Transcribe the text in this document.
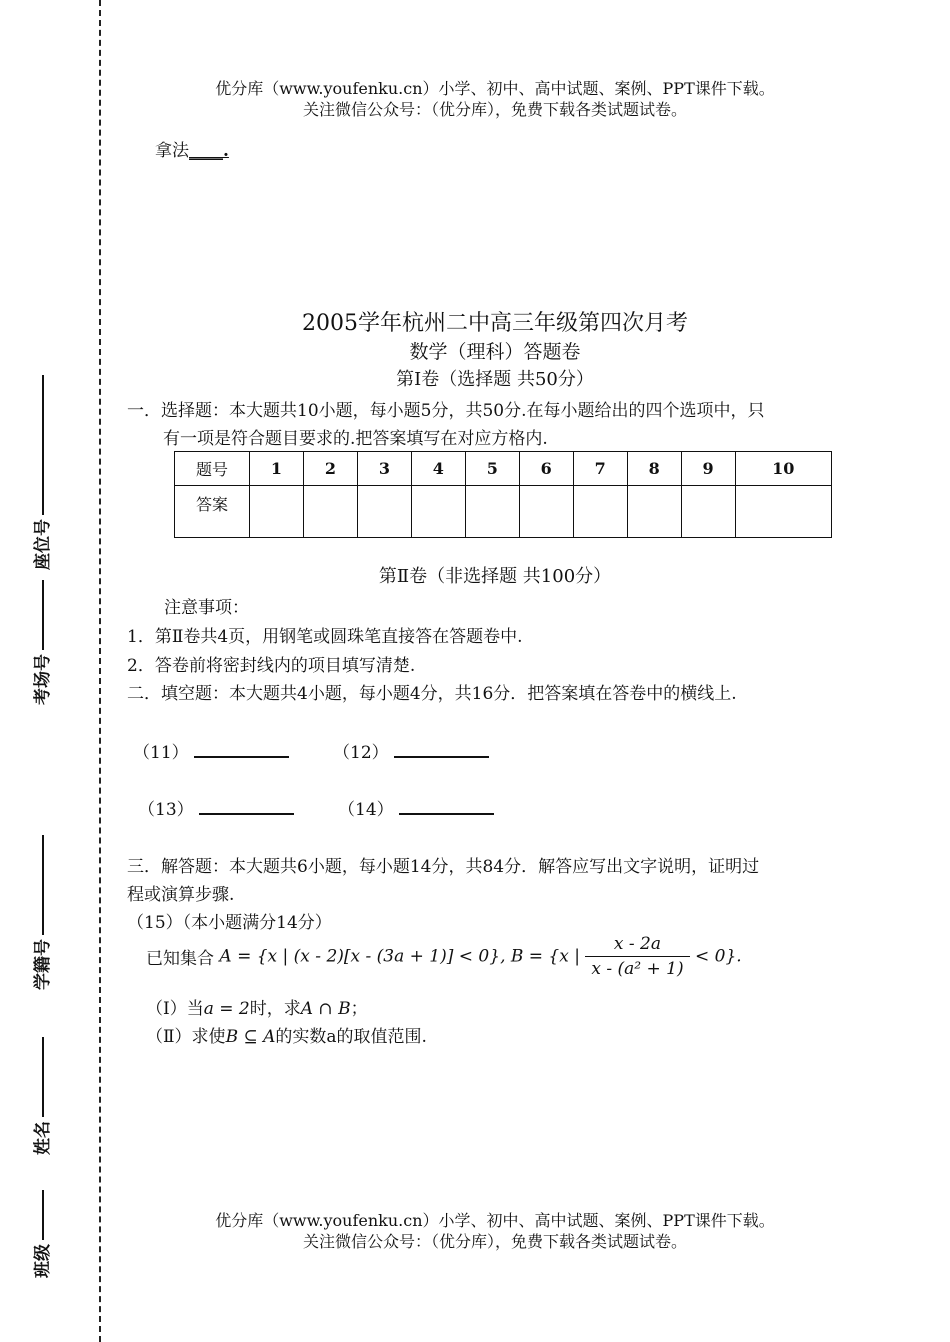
座位号
考场号
学籍号
姓名
班级
优分库（www.youfenku.cn）小学、初中、高中试题、案例、PPT课件下载。
关注微信公众号：（优分库），免费下载各类试题试卷。
拿法____.
2005学年杭州二中高三年级第四次月考
数学（理科）答题卷
第Ⅰ卷（选择题 共50分）
一．选择题：本大题共10小题，每小题5分，共50分.在每小题给出的四个选项中，只
有一项是符合题目要求的.把答案填写在对应方格内.
题号	1	2	3	4	5	6	7	8	9	10
答案										
第Ⅱ卷（非选择题 共100分）
注意事项：
1．第Ⅱ卷共4页，用钢笔或圆珠笔直接答在答题卷中.
2．答卷前将密封线内的项目填写清楚.
二．填空题：本大题共4小题，每小题4分，共16分．把答案填在答卷中的横线上.
（11）	（12）
（13）	（14）
三．解答题：本大题共6小题，每小题14分，共84分．解答应写出文字说明，证明过
程或演算步骤.
（15）（本小题满分14分）
已知集合 A = {x | (x - 2)[x - (3a + 1)] < 0}, B = {x | $\frac{x - 2a}{\text{x - (a² + 1)}} < 0$}.
（Ⅰ）当a = 2时，求A ∩ B；
（Ⅱ）求使B ⊆ A的实数a的取值范围.
优分库（www.youfenku.cn）小学、初中、高中试题、案例、PPT课件下载。
关注微信公众号：（优分库），免费下载各类试题试卷。
